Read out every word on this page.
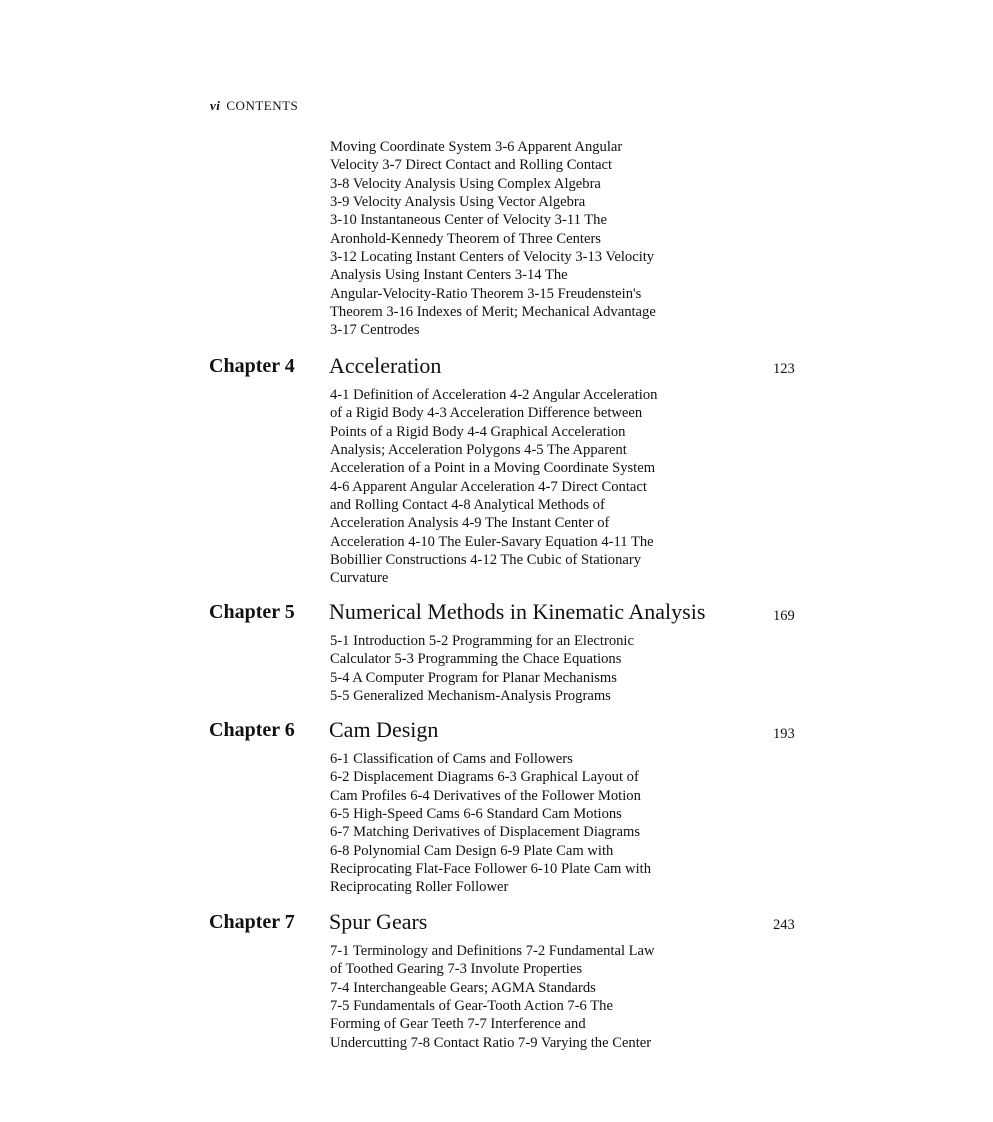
vi CONTENTS
Moving Coordinate System 3-6 Apparent Angular
Velocity 3-7 Direct Contact and Rolling Contact
3-8 Velocity Analysis Using Complex Algebra
3-9 Velocity Analysis Using Vector Algebra
3-10 Instantaneous Center of Velocity 3-11 The
Aronhold-Kennedy Theorem of Three Centers
3-12 Locating Instant Centers of Velocity 3-13 Velocity
Analysis Using Instant Centers 3-14 The
Angular-Velocity-Ratio Theorem 3-15 Freudenstein's
Theorem 3-16 Indexes of Merit; Mechanical Advantage
3-17 Centrodes
Chapter 4 Acceleration	123
4-1 Definition of Acceleration 4-2 Angular Acceleration
of a Rigid Body 4-3 Acceleration Difference between
Points of a Rigid Body 4-4 Graphical Acceleration
Analysis; Acceleration Polygons 4-5 The Apparent
Acceleration of a Point in a Moving Coordinate System
4-6 Apparent Angular Acceleration 4-7 Direct Contact
and Rolling Contact 4-8 Analytical Methods of
Acceleration Analysis 4-9 The Instant Center of
Acceleration 4-10 The Euler-Savary Equation 4-11 The
Bobillier Constructions 4-12 The Cubic of Stationary
Curvature
Chapter 5 Numerical Methods in Kinematic Analysis	169
5-1 Introduction 5-2 Programming for an Electronic
Calculator 5-3 Programming the Chace Equations
5-4 A Computer Program for Planar Mechanisms
5-5 Generalized Mechanism-Analysis Programs
Chapter 6 Cam Design	193
6-1 Classification of Cams and Followers
6-2 Displacement Diagrams 6-3 Graphical Layout of
Cam Profiles 6-4 Derivatives of the Follower Motion
6-5 High-Speed Cams 6-6 Standard Cam Motions
6-7 Matching Derivatives of Displacement Diagrams
6-8 Polynomial Cam Design 6-9 Plate Cam with
Reciprocating Flat-Face Follower 6-10 Plate Cam with
Reciprocating Roller Follower
Chapter 7 Spur Gears	243
7-1 Terminology and Definitions 7-2 Fundamental Law
of Toothed Gearing 7-3 Involute Properties
7-4 Interchangeable Gears; AGMA Standards
7-5 Fundamentals of Gear-Tooth Action 7-6 The
Forming of Gear Teeth 7-7 Interference and
Undercutting 7-8 Contact Ratio 7-9 Varying the Center
